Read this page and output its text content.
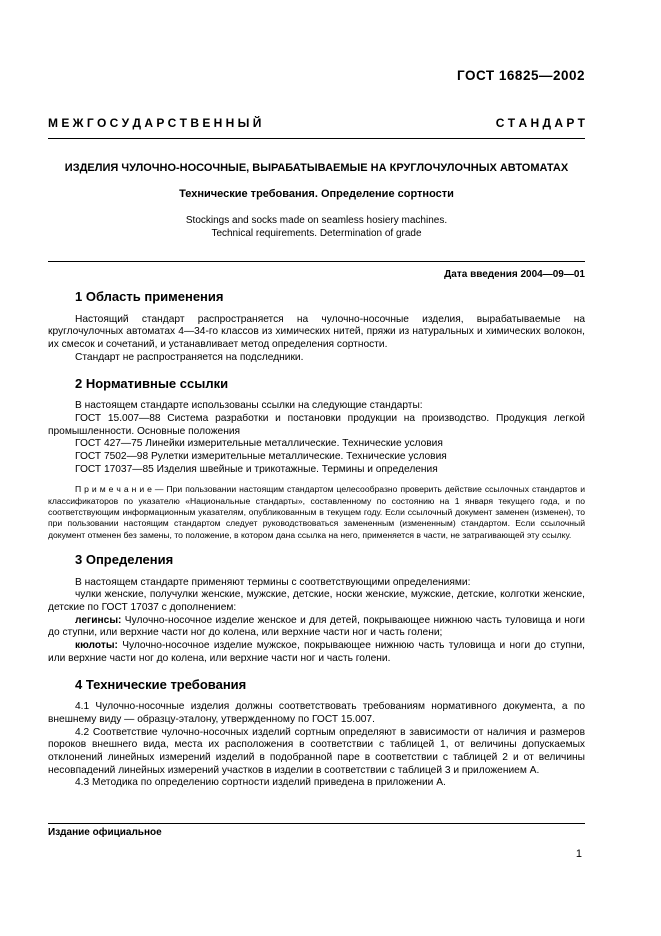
ГОСТ 16825—2002
М Е Ж Г О С У Д А Р С Т В Е Н Н Ы Й	С Т А Н Д А Р Т
ИЗДЕЛИЯ ЧУЛОЧНО-НОСОЧНЫЕ, ВЫРАБАТЫВАЕМЫЕ НА КРУГЛОЧУЛОЧНЫХ АВТОМАТАХ
Технические требования. Определение сортности
Stockings and socks made on seamless hosiery machines.
Technical requirements. Determination of grade
Дата введения 2004—09—01
1 Область применения

Настоящий стандарт распространяется на чулочно-носочные изделия, вырабатываемые на круглочулочных автоматах 4—34-го классов из химических нитей, пряжи из натуральных и химических волокон, их смесок и сочетаний, и устанавливает метод определения сортности.

Стандарт не распространяется на подследники.

2 Нормативные ссылки

В настоящем стандарте использованы ссылки на следующие стандарты:

ГОСТ 15.007—88 Система разработки и постановки продукции на производство. Продукция легкой промышленности. Основные положения

ГОСТ 427—75 Линейки измерительные металлические. Технические условия

ГОСТ 7502—98 Рулетки измерительные металлические. Технические условия

ГОСТ 17037—85 Изделия швейные и трикотажные. Термины и определения

П р и м е ч а н и е — При пользовании настоящим стандартом целесообразно проверить действие ссылочных стандартов и классификаторов по указателю «Национальные стандарты», составленному по состоянию на 1 января текущего года, и по соответствующим информационным указателям, опубликованным в текущем году. Если ссылочный документ заменен (изменен), то при пользовании настоящим стандартом следует руководствоваться замененным (измененным) стандартом. Если ссылочный документ отменен без замены, то положение, в котором дана ссылка на него, применяется в части, не затрагивающей эту ссылку.

3 Определения

В настоящем стандарте применяют термины с соответствующими определениями:

чулки женские, получулки женские, мужские, детские, носки женские, мужские, детские, колготки женские, детские по ГОСТ 17037 с дополнением:

легинсы: Чулочно-носочное изделие женское и для детей, покрывающее нижнюю часть туловища и ноги до ступни, или верхние части ног до колена, или верхние части ног и часть голени;

кюлоты: Чулочно-носочное изделие мужское, покрывающее нижнюю часть туловища и ноги до ступни, или верхние части ног до колена, или верхние части ног и часть голени.

4 Технические требования

4.1 Чулочно-носочные изделия должны соответствовать требованиям нормативного документа, а по внешнему виду — образцу-эталону, утвержденному по ГОСТ 15.007.

4.2 Соответствие чулочно-носочных изделий сортным определяют в зависимости от наличия и размеров пороков внешнего вида, места их расположения в соответствии с таблицей 1, от величины допускаемых отклонений линейных измерений изделий в подобранной паре в соответствии с таблицей 2 и от величины несовпадений линейных измерений участков в изделии в соответствии с таблицей 3 и приложением А.

4.3 Методика по определению сортности изделий приведена в приложении А.

Издание официальное
1
